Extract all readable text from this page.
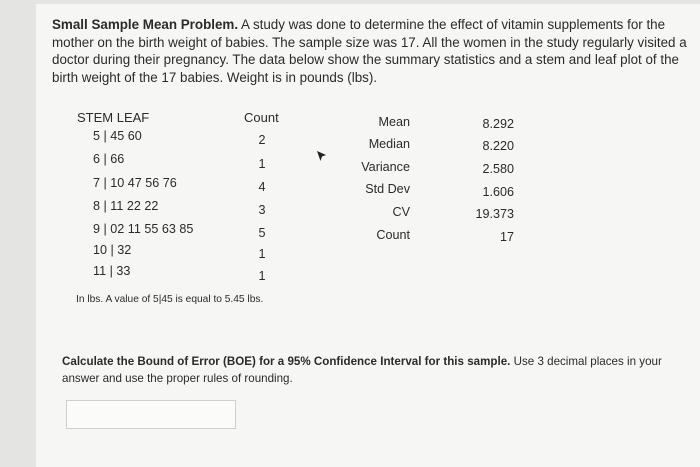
Small Sample Mean Problem. A study was done to determine the effect of vitamin supplements for the mother on the birth weight of babies. The sample size was 17. All the women in the study regularly visited a doctor during their pregnancy. The data below show the summary statistics and a stem and leaf plot of the birth weight of the 17 babies. Weight is in pounds (lbs).
STEM LEAF	Count
5 | 45 60
6 | 66
7 | 10 47 56 76
8 | 11 22 22
9 | 02 11 55 63 85
10 | 32
11 | 33
2
1
4
3
5
1
1
Mean
Median
Variance
Std Dev
CV
Count
8.292
8.220
2.580
1.606
19.373
17
In lbs. A value of 5|45 is equal to 5.45 lbs.
Calculate the Bound of Error (BOE) for a 95% Confidence Interval for this sample. Use 3 decimal places in your answer and use the proper rules of rounding.
